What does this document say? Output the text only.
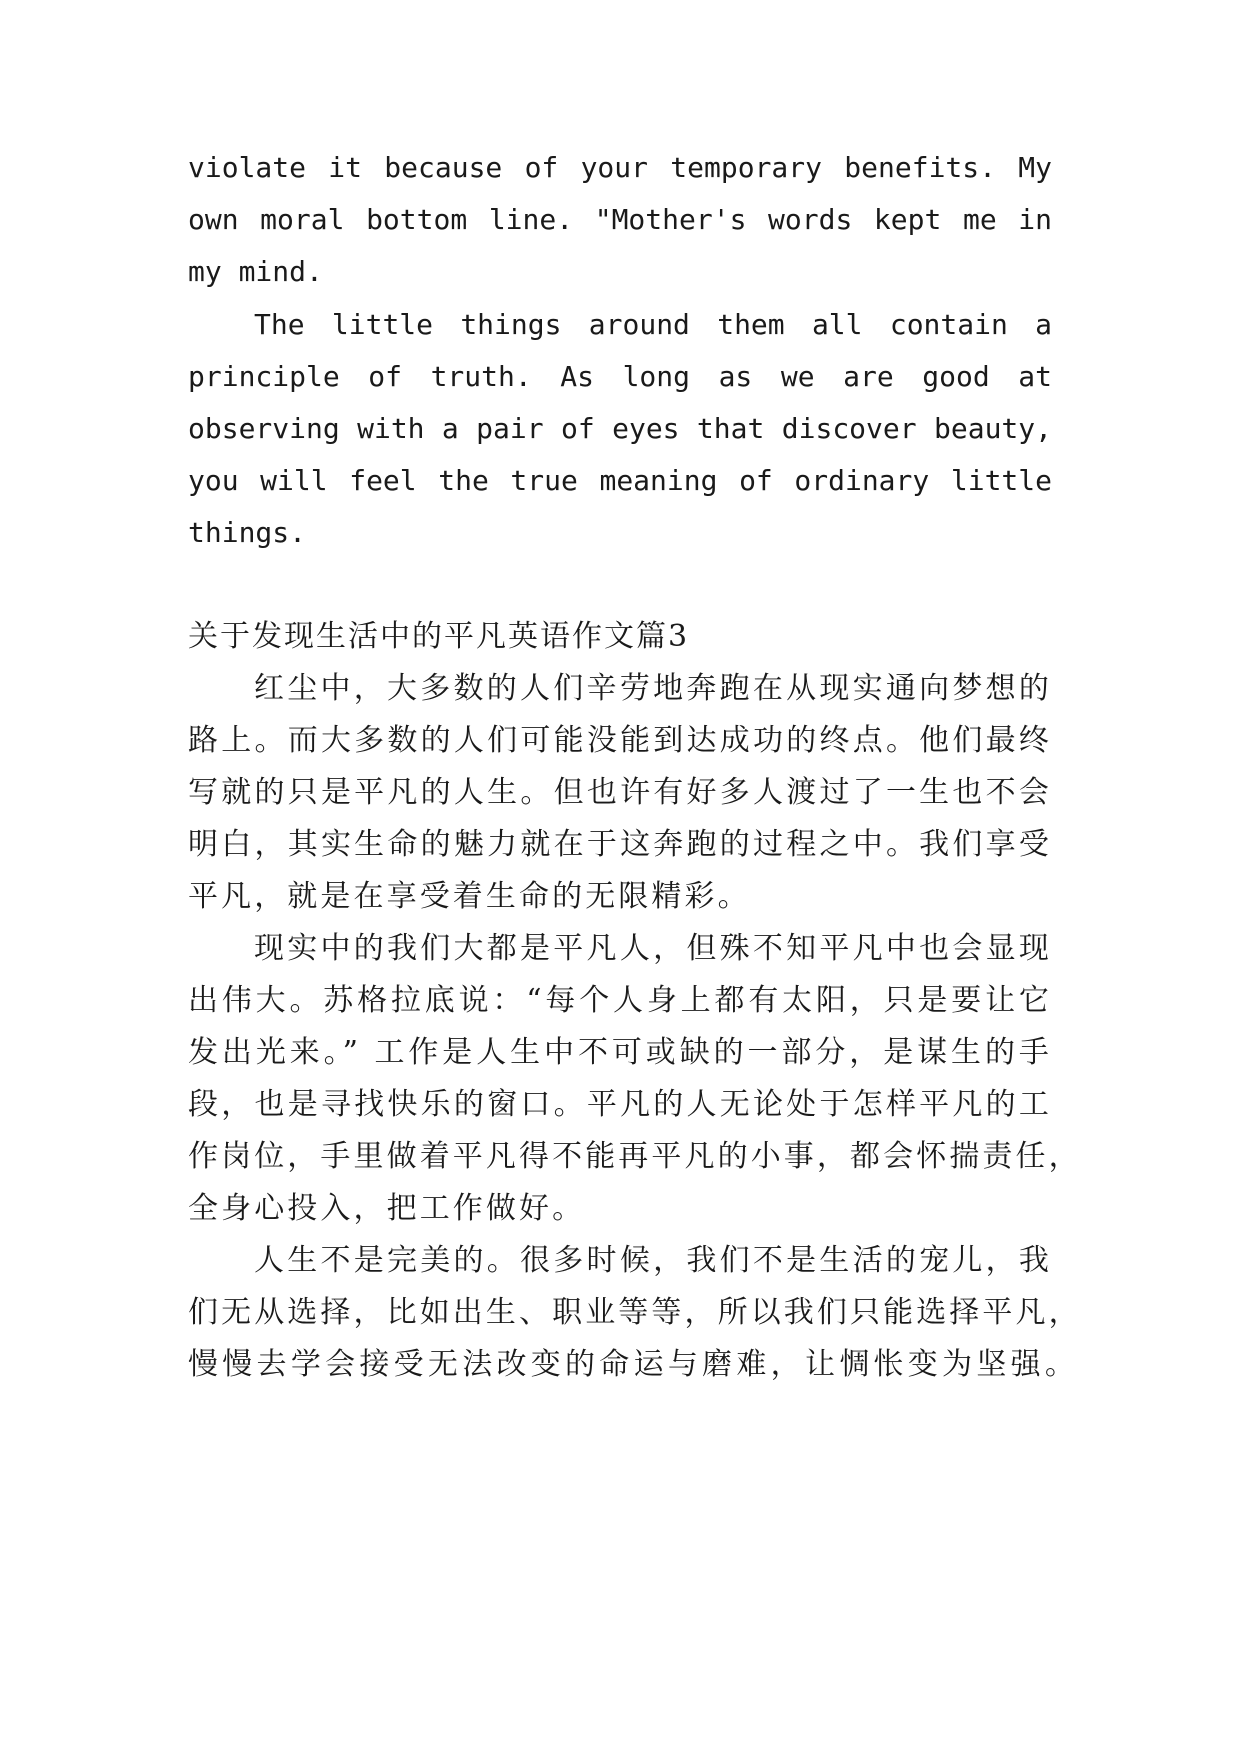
violate it because of your temporary benefits. My

own moral bottom line. "Mother's words kept me in

my mind.

The little things around them all contain a

principle of truth. As long as we are good at

observing with a pair of eyes that discover beauty,

you will feel the true meaning of ordinary little

things.

关于发现生活中的平凡英语作文篇3

红尘中，大多数的人们辛劳地奔跑在从现实通向梦想的

路上。而大多数的人们可能没能到达成功的终点。他们最终

写就的只是平凡的人生。但也许有好多人渡过了一生也不会

明白，其实生命的魅力就在于这奔跑的过程之中。我们享受

平凡，就是在享受着生命的无限精彩。

现实中的我们大都是平凡人，但殊不知平凡中也会显现

出伟大。苏格拉底说：“每个人身上都有太阳，只是要让它

发出光来。” 工作是人生中不可或缺的一部分，是谋生的手

段，也是寻找快乐的窗口。平凡的人无论处于怎样平凡的工

作岗位，手里做着平凡得不能再平凡的小事，都会怀揣责任，

全身心投入，把工作做好。

人生不是完美的。很多时候，我们不是生活的宠儿，我

们无从选择，比如出生、职业等等，所以我们只能选择平凡，

慢慢去学会接受无法改变的命运与磨难，让惆怅变为坚强。
